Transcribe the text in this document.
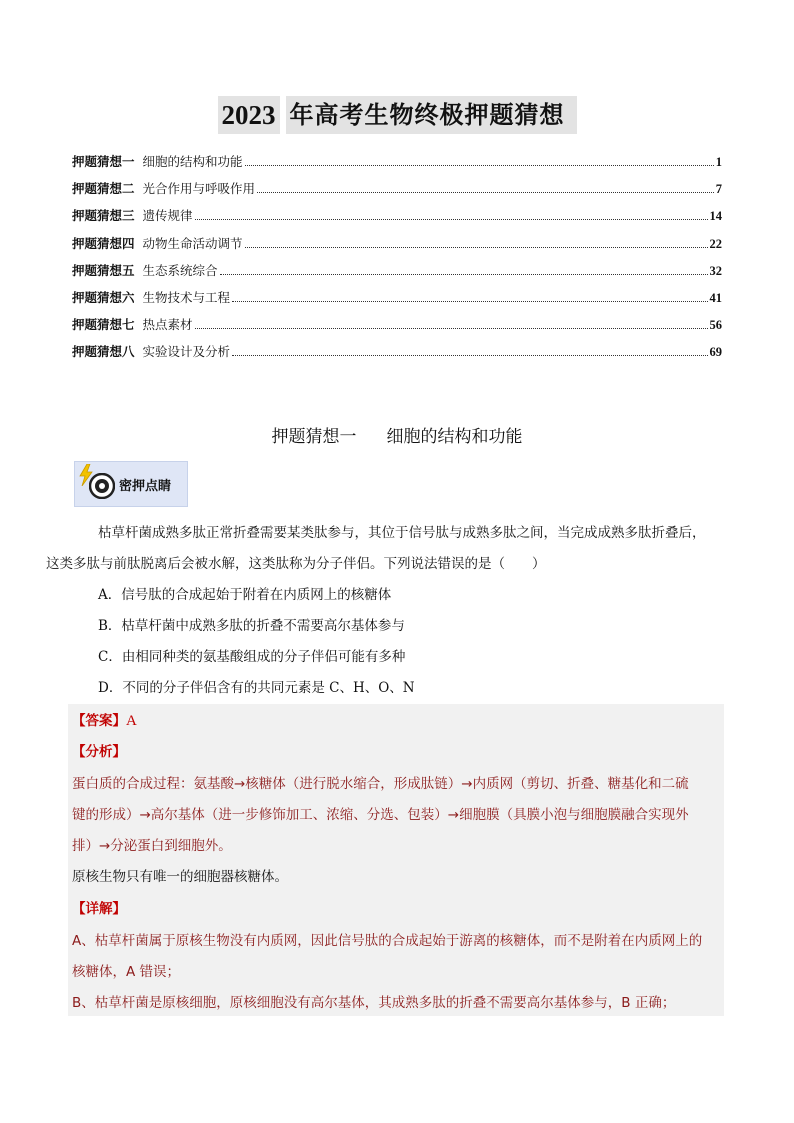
2023 年高考生物终极押题猜想
押题猜想一 细胞的结构和功能	1
押题猜想二 光合作用与呼吸作用	7
押题猜想三 遗传规律	14
押题猜想四 动物生命活动调节	22
押题猜想五 生态系统综合	32
押题猜想六 生物技术与工程	41
押题猜想七 热点素材	56
押题猜想八 实验设计及分析	69
押题猜想一 细胞的结构和功能
密押点睛

枯草杆菌成熟多肽正常折叠需要某类肽参与，其位于信号肽与成熟多肽之间，当完成成熟多肽折叠后，
这类多肽与前肽脱离后会被水解，这类肽称为分子伴侣。下列说法错误的是（　　）

A．信号肽的合成起始于附着在内质网上的核糖体

B．枯草杆菌中成熟多肽的折叠不需要高尔基体参与

C．由相同种类的氨基酸组成的分子伴侣可能有多种

D．不同的分子伴侣含有的共同元素是 C、H、O、N

【答案】A
【分析】
蛋白质的合成过程：氨基酸→核糖体（进行脱水缩合，形成肽链）→内质网（剪切、折叠、糖基化和二硫
键的形成）→高尔基体（进一步修饰加工、浓缩、分选、包装）→细胞膜（具膜小泡与细胞膜融合实现外
排）→分泌蛋白到细胞外。
原核生物只有唯一的细胞器核糖体。
【详解】
A、枯草杆菌属于原核生物没有内质网，因此信号肽的合成起始于游离的核糖体，而不是附着在内质网上的
核糖体，A 错误；
B、枯草杆菌是原核细胞，原核细胞没有高尔基体，其成熟多肽的折叠不需要高尔基体参与，B 正确；
